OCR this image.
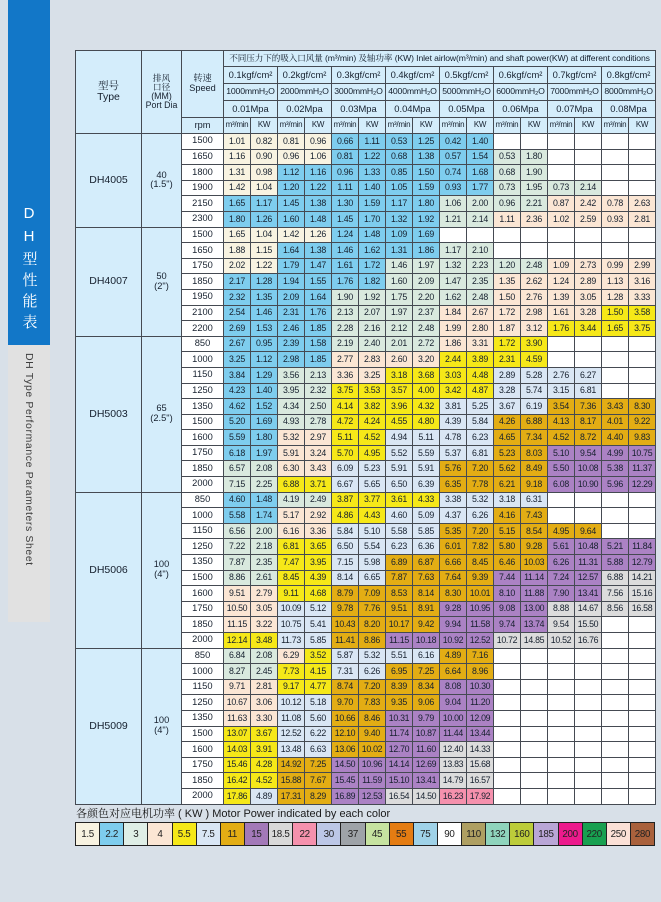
DH型性能表
DH Type Performance Parameters Sheet
型号
Type	排风
口径
(MM)
Port Dia	转速
Speed	不同压力下的吸入口风量 (m³/min) 及轴功率 (KW) Inlet airlow(m³/min) and shaft power(KW) at different conditions															
			0.1kgf/cm²		0.2kgf/cm²		0.3kgf/cm²		0.4kgf/cm²		0.5kgf/cm²		0.6kgf/cm²		0.7kgf/cm²		0.8kgf/cm²	
			1000mmH₂O		2000mmH₂O		3000mmH₂O		4000mmH₂O		5000mmH₂O		6000mmH₂O		7000mmH₂O		8000mmH₂O	
			0.01Mpa		0.02Mpa		0.03Mpa		0.04Mpa		0.05Mpa		0.06Mpa		0.07Mpa		0.08Mpa	
		rpm	m³/min	KW	m³/min	KW	m³/min	KW	m³/min	KW	m³/min	KW	m³/min	KW	m³/min	KW	m³/min	KW
DH4005	40
(1.5")	1500	1.01	0.82	0.81	0.96	0.66	1.11	0.53	1.25	0.42	1.40						
		1650	1.16	0.90	0.96	1.06	0.81	1.22	0.68	1.38	0.57	1.54	0.53	1.80				
		1800	1.31	0.98	1.12	1.16	0.96	1.33	0.85	1.50	0.74	1.68	0.68	1.90				
		1900	1.42	1.04	1.20	1.22	1.11	1.40	1.05	1.59	0.93	1.77	0.73	1.95	0.73	2.14		
		2150	1.65	1.17	1.45	1.38	1.30	1.59	1.17	1.80	1.06	2.00	0.96	2.21	0.87	2.42	0.78	2.63
		2300	1.80	1.26	1.60	1.48	1.45	1.70	1.32	1.92	1.21	2.14	1.11	2.36	1.02	2.59	0.93	2.81
DH4007	50
(2")	1500	1.65	1.04	1.42	1.26	1.24	1.48	1.09	1.69								
		1650	1.88	1.15	1.64	1.38	1.46	1.62	1.31	1.86	1.17	2.10						
		1750	2.02	1.22	1.79	1.47	1.61	1.72	1.46	1.97	1.32	2.23	1.20	2.48	1.09	2.73	0.99	2.99
		1850	2.17	1.28	1.94	1.55	1.76	1.82	1.60	2.09	1.47	2.35	1.35	2.62	1.24	2.89	1.13	3.16
		1950	2.32	1.35	2.09	1.64	1.90	1.92	1.75	2.20	1.62	2.48	1.50	2.76	1.39	3.05	1.28	3.33
		2100	2.54	1.46	2.31	1.76	2.13	2.07	1.97	2.37	1.84	2.67	1.72	2.98	1.61	3.28	1.50	3.58
		2200	2.69	1.53	2.46	1.85	2.28	2.16	2.12	2.48	1.99	2.80	1.87	3.12	1.76	3.44	1.65	3.75
DH5003	65
(2.5")	850	2.67	0.95	2.39	1.58	2.19	2.40	2.01	2.72	1.86	3.31	1.72	3.90				
		1000	3.25	1.12	2.98	1.85	2.77	2.83	2.60	3.20	2.44	3.89	2.31	4.59				
		1150	3.84	1.29	3.56	2.13	3.36	3.25	3.18	3.68	3.03	4.48	2.89	5.28	2.76	6.27		
		1250	4.23	1.40	3.95	2.32	3.75	3.53	3.57	4.00	3.42	4.87	3.28	5.74	3.15	6.81		
		1350	4.62	1.52	4.34	2.50	4.14	3.82	3.96	4.32	3.81	5.25	3.67	6.19	3.54	7.36	3.43	8.30
		1500	5.20	1.69	4.93	2.78	4.72	4.24	4.55	4.80	4.39	5.84	4.26	6.88	4.13	8.17	4.01	9.22
		1600	5.59	1.80	5.32	2.97	5.11	4.52	4.94	5.11	4.78	6.23	4.65	7.34	4.52	8.72	4.40	9.83
		1750	6.18	1.97	5.91	3.24	5.70	4.95	5.52	5.59	5.37	6.81	5.23	8.03	5.10	9.54	4.99	10.75
		1850	6.57	2.08	6.30	3.43	6.09	5.23	5.91	5.91	5.76	7.20	5.62	8.49	5.50	10.08	5.38	11.37
		2000	7.15	2.25	6.88	3.71	6.67	5.65	6.50	6.39	6.35	7.78	6.21	9.18	6.08	10.90	5.96	12.29
DH5006	100
(4")	850	4.60	1.48	4.19	2.49	3.87	3.77	3.61	4.33	3.38	5.32	3.18	6.31				
		1000	5.58	1.74	5.17	2.92	4.86	4.43	4.60	5.09	4.37	6.26	4.16	7.43				
		1150	6.56	2.00	6.16	3.36	5.84	5.10	5.58	5.85	5.35	7.20	5.15	8.54	4.95	9.64		
		1250	7.22	2.18	6.81	3.65	6.50	5.54	6.23	6.36	6.01	7.82	5.80	9.28	5.61	10.48	5.21	11.84
		1350	7.87	2.35	7.47	3.95	7.15	5.98	6.89	6.87	6.66	8.45	6.46	10.03	6.26	11.31	5.88	12.79
		1500	8.86	2.61	8.45	4.39	8.14	6.65	7.87	7.63	7.64	9.39	7.44	11.14	7.24	12.57	6.88	14.21
		1600	9.51	2.79	9.11	4.68	8.79	7.09	8.53	8.14	8.30	10.01	8.10	11.88	7.90	13.41	7.56	15.16
		1750	10.50	3.05	10.09	5.12	9.78	7.76	9.51	8.91	9.28	10.95	9.08	13.00	8.88	14.67	8.56	16.58
		1850	11.15	3.22	10.75	5.41	10.43	8.20	10.17	9.42	9.94	11.58	9.74	13.74	9.54	15.50		
		2000	12.14	3.48	11.73	5.85	11.41	8.86	11.15	10.18	10.92	12.52	10.72	14.85	10.52	16.76		
DH5009	100
(4")	850	6.84	2.08	6.29	3.52	5.87	5.32	5.51	6.16	4.89	7.16						
		1000	8.27	2.45	7.73	4.15	7.31	6.26	6.95	7.25	6.64	8.96						
		1150	9.71	2.81	9.17	4.77	8.74	7.20	8.39	8.34	8.08	10.30						
		1250	10.67	3.06	10.12	5.18	9.70	7.83	9.35	9.06	9.04	11.20						
		1350	11.63	3.30	11.08	5.60	10.66	8.46	10.31	9.79	10.00	12.09						
		1500	13.07	3.67	12.52	6.22	12.10	9.40	11.74	10.87	11.44	13.44						
		1600	14.03	3.91	13.48	6.63	13.06	10.02	12.70	11.60	12.40	14.33						
		1750	15.46	4.28	14.92	7.25	14.50	10.96	14.14	12.69	13.83	15.68						
		1850	16.42	4.52	15.88	7.67	15.45	11.59	15.10	13.41	14.79	16.57						
		2000	17.86	4.89	17.31	8.29	16.89	12.53	16.54	14.50	16.23	17.92						
各颜色对应电机功率 ( KW ) Motor Power indicated by each color
1.5	2.2	3	4	5.5	7.5	11	15	18.5	22	30	37	45	55	75	90	110 132 160 185 200 220 250 280
